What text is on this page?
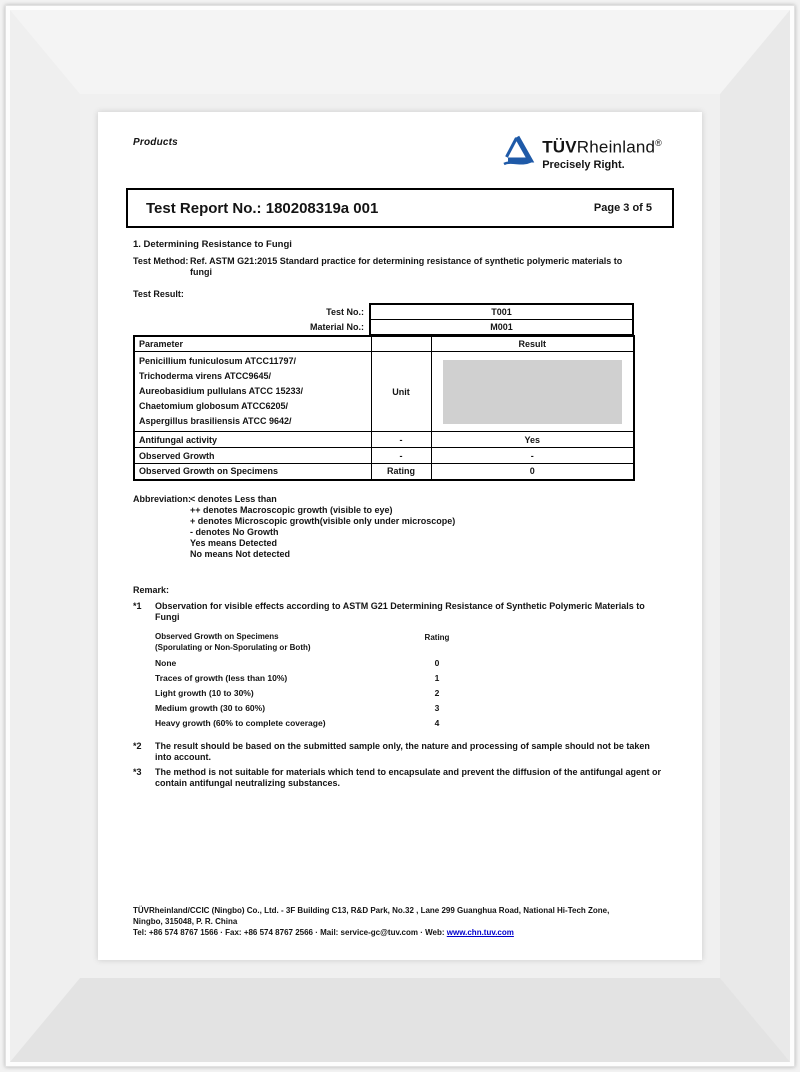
Products	TÜVRheinland®
Precisely Right.
Test Report No.: 180208319a 001	Page 3 of 5
1. Determining Resistance to Fungi
Test Method: Ref. ASTM G21:2015 Standard practice for determining resistance of synthetic polymeric materials to fungi
Test Result:
Test No.:	T001
Material No.:	M001
Parameter		Result

Penicillium funiculosum ATCC11797/
Trichoderma virens ATCC9645/
Aureobasidium pullulans ATCC 15233/
Chaetomium globosum ATCC6205/
Aspergillus brasiliensis ATCC 9642/	Unit	

Antifungal activity	-	Yes
Observed Growth	-	-
Observed Growth on Specimens	Rating	0
Abbreviation:
< denotes Less than
++ denotes Macroscopic growth (visible to eye)
+ denotes Microscopic growth(visible only under microscope)
- denotes No Growth
Yes means Detected
No means Not detected
Remark:
*1	Observation for visible effects according to ASTM G21 Determining Resistance of Synthetic Polymeric Materials to Fungi
Observed Growth on Specimens
(Sporulating or Non-Sporulating or Both)
Rating
None	0
Traces of growth (less than 10%)	1
Light growth (10 to 30%)	2
Medium growth (30 to 60%)	3
Heavy growth (60% to complete coverage)	4
*2	The result should be based on the submitted sample only, the nature and processing of sample should not be taken into account.
*3	The method is not suitable for materials which tend to encapsulate and prevent the diffusion of the antifungal agent or contain antifungal neutralizing substances.
TÜVRheinland/CCIC (Ningbo) Co., Ltd. - 3F Building C13, R&D Park, No.32 , Lane 299 Guanghua Road, National Hi-Tech Zone,
Ningbo, 315048, P. R. China
Tel: +86 574 8767 1566 · Fax: +86 574 8767 2566 · Mail: service-gc@tuv.com · Web: www.chn.tuv.com
